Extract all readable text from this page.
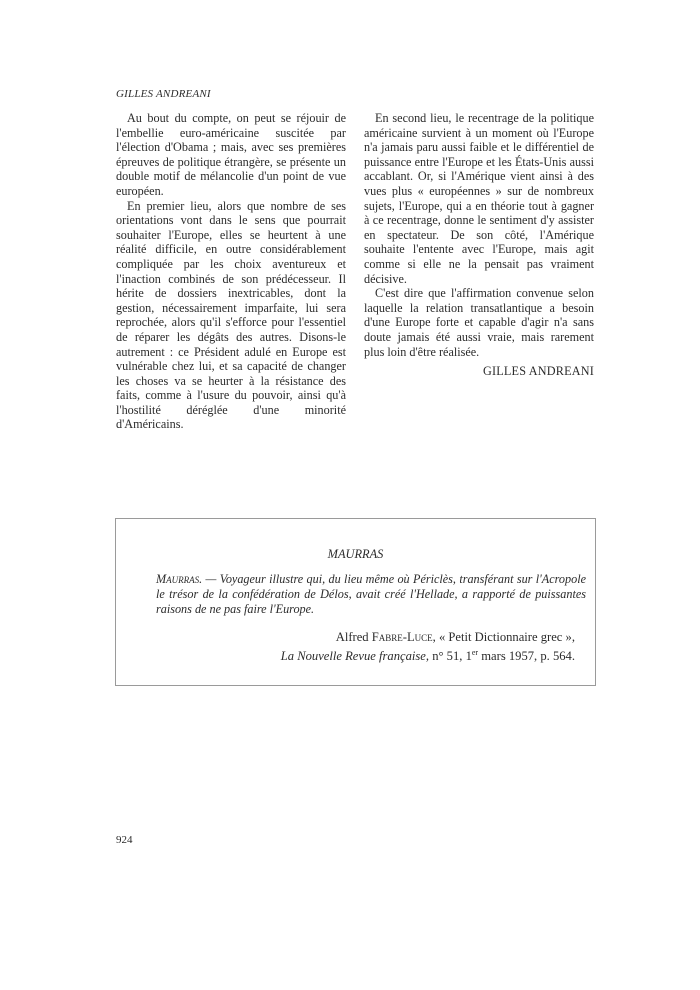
GILLES ANDREANI

Au bout du compte, on peut se réjouir de l'embellie euro-américaine suscitée par l'élection d'Obama ; mais, avec ses premières épreuves de politique étrangère, se présente un double motif de mélancolie d'un point de vue européen.

En premier lieu, alors que nombre de ses orientations vont dans le sens que pourrait souhaiter l'Europe, elles se heurtent à une réalité difficile, en outre considérablement compliquée par les choix aventureux et l'inaction combinés de son prédécesseur. Il hérite de dossiers inextricables, dont la gestion, nécessairement imparfaite, lui sera reprochée, alors qu'il s'efforce pour l'essentiel de réparer les dégâts des autres. Disons-le autrement : ce Président adulé en Europe est vulnérable chez lui, et sa capacité de changer les choses va se heurter à la résistance des faits, comme à l'usure du pouvoir, ainsi qu'à l'hostilité déréglée d'une minorité d'Américains.

En second lieu, le recentrage de la politique américaine survient à un moment où l'Europe n'a jamais paru aussi faible et le différentiel de puissance entre l'Europe et les États-Unis aussi accablant. Or, si l'Amérique vient ainsi à des vues plus « européennes » sur de nombreux sujets, l'Europe, qui a en théorie tout à gagner à ce recentrage, donne le sentiment d'y assister en spectateur. De son côté, l'Amérique souhaite l'entente avec l'Europe, mais agit comme si elle ne la pensait pas vraiment décisive.

C'est dire que l'affirmation convenue selon laquelle la relation transatlantique a besoin d'une Europe forte et capable d'agir n'a sans doute jamais été aussi vraie, mais rarement plus loin d'être réalisée.

GILLES ANDREANI
MAURRAS
Maurras. — Voyageur illustre qui, du lieu même où Périclès, transférant sur l'Acropole le trésor de la confédération de Délos, avait créé l'Hellade, a rapporté de puissantes raisons de ne pas faire l'Europe.
Alfred Fabre-Luce, « Petit Dictionnaire grec »,
La Nouvelle Revue française, n° 51, 1er mars 1957, p. 564.
924
